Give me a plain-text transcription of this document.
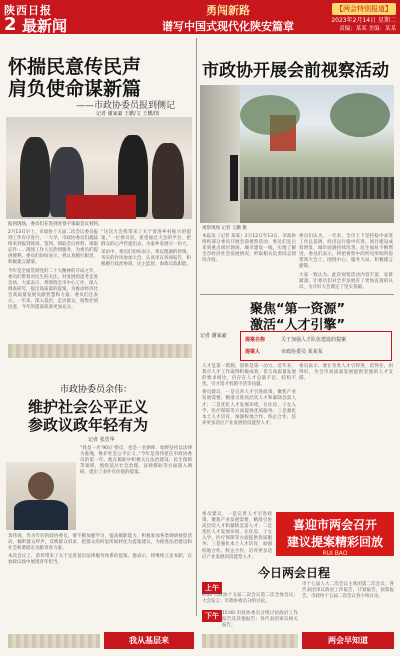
陕西日报
2 最新闻
勇闯新路
谱写中国式现代化陕安篇章
【两会特别报道】
2023年2月14日 星期二
责编：某某 美编：某某
怀揣民意传民声
肩负使命谋新篇
——市政协委员报到侧记
记者 谢家豪 王鹏/文 王鹏/图
报到现场，委员们在签到处签字领取会议材料。

2月13日早上，市政协十五届二次会议委员报到工作有序进行，一大早，市政协委员们就陆续来到报到现场。签到、领取会议材料、领取证件……现场工作人员热情服务，为委员们提供便利。委员们纷纷表示，将认真履行职责，积极建言献策。

今年是全面贯彻党的二十大精神的开局之年，委员们带着对民生的关注、对发展的思考走进会场。大家表示，将围绕全市中心工作，深入调查研究，提出高质量的提案，为推动经济社会高质量发展贡献智慧和力量。委员们还表示，一年来，深入基层，走访群众，收集社情民意，今年的提案准备更加充分。

“这次大会我带来了关于促进乡村振兴的提案。”一位委员说，希望通过大会的平台，把群众的心声传递出去，为家乡发展尽一份力。

采访中，委员们纷纷表示，将以饱满的热情、务实的作风参加大会，认真审议各项报告，积极履行政治协商、民主监督、参政议政职能。

市政协委员余伟：
维护社会公平正义
参政议政年轻有为
记者 张晋华

“我是一名‘90后’委员，也是一名律师，始终坚持以法律为准绳，维护社会公平正义。”今年是余伟担任市政协委员的第一年。他在履职中积极关注法治建设、民生保障等领域，围绕基层社会治理、法律援助等方面深入调研，提出了多件有价值的提案。

余伟说，作为年轻的政协委员，要不断加强学习，提高履职能力，积极参加各类调研视察活动，倾听群众呼声，反映群众诉求，把群众的所思所盼转化为提案建议，为推进法治建设和社会和谐稳定贡献青春力量。

本次会议上，余伟带来了关于完善基层法律服务体系的提案。他表示，将继续立足本职，在参政议政中展现青年担当。

市政协开展会前视察活动
视察现场 记者 王鹏 摄

本报讯（记者 某某）2月12日至13日，市政协组织部分委员开展会前视察活动，委员们先后来到重点项目现场、城市建设一线，实地了解全市经济社会发展情况，听取相关负责同志情况介绍。

委员们认为，一年来，全市上下坚持稳中求进工作总基调，经济运行稳中有进，项目建设成效明显，城市面貌持续改善，民生福祉不断增进。委员们表示，将把视察中的所见所闻所思带到大会上，围绕中心、服务大局，积极建言献策。

大家一致认为，此次视察活动内容丰富，安排紧凑，让委员们对全市发展有了更加直观的认识，为开好大会奠定了坚实基础。

聚焦“第一资源”
激活“人才引擎”
记者 谢家豪
提案名称	关于加强人才队伍建设的提案
提案人	市政协委员 某某某

人才是第一资源，创新是第一动力。近年来，我市人才工作取得积极成效，但与高质量发展的要求相比，仍存在人才总量不足、结构不优、引才留才机制不活等问题。

委员建议，一是完善人才引进政策，聚焦产业发展需要，精准引进高层次人才和紧缺急需人才；二是优化人才发展环境，在住房、子女入学、医疗保障等方面提供优质服务；三是强化本土人才培育，加强校地合作、校企合作，培养更多适应产业发展的技能型人才。

委员表示，要让各类人才引得进、留得住、用得好，为全市高质量发展提供坚强的人才支撑。

委员建议，一是完善人才引进政策，聚焦产业发展需要，精准引进高层次人才和紧缺急需人才；二是优化人才发展环境，在住房、子女入学、医疗保障等方面提供优质服务；三是强化本土人才培育，加强校地合作、校企合作，培养更多适应产业发展的技能型人才。

喜迎市两会召开
建议提案精彩回放
RUI BAO
今日两会日程
上午
9:00 市政协十五届二次会议第二次全体会议；大会发言；市政协委员分组讨论。
下午 15:00 市政协委员分组讨论政府工作报告及其他报告；各代表团审议相关报告。
市十七届人大二次会议主席团第二次会议；各代表团审议政府工作报告、计划报告、预算报告。市政协十五届二次会议各小组讨论。
我从基层来	两会早知道
